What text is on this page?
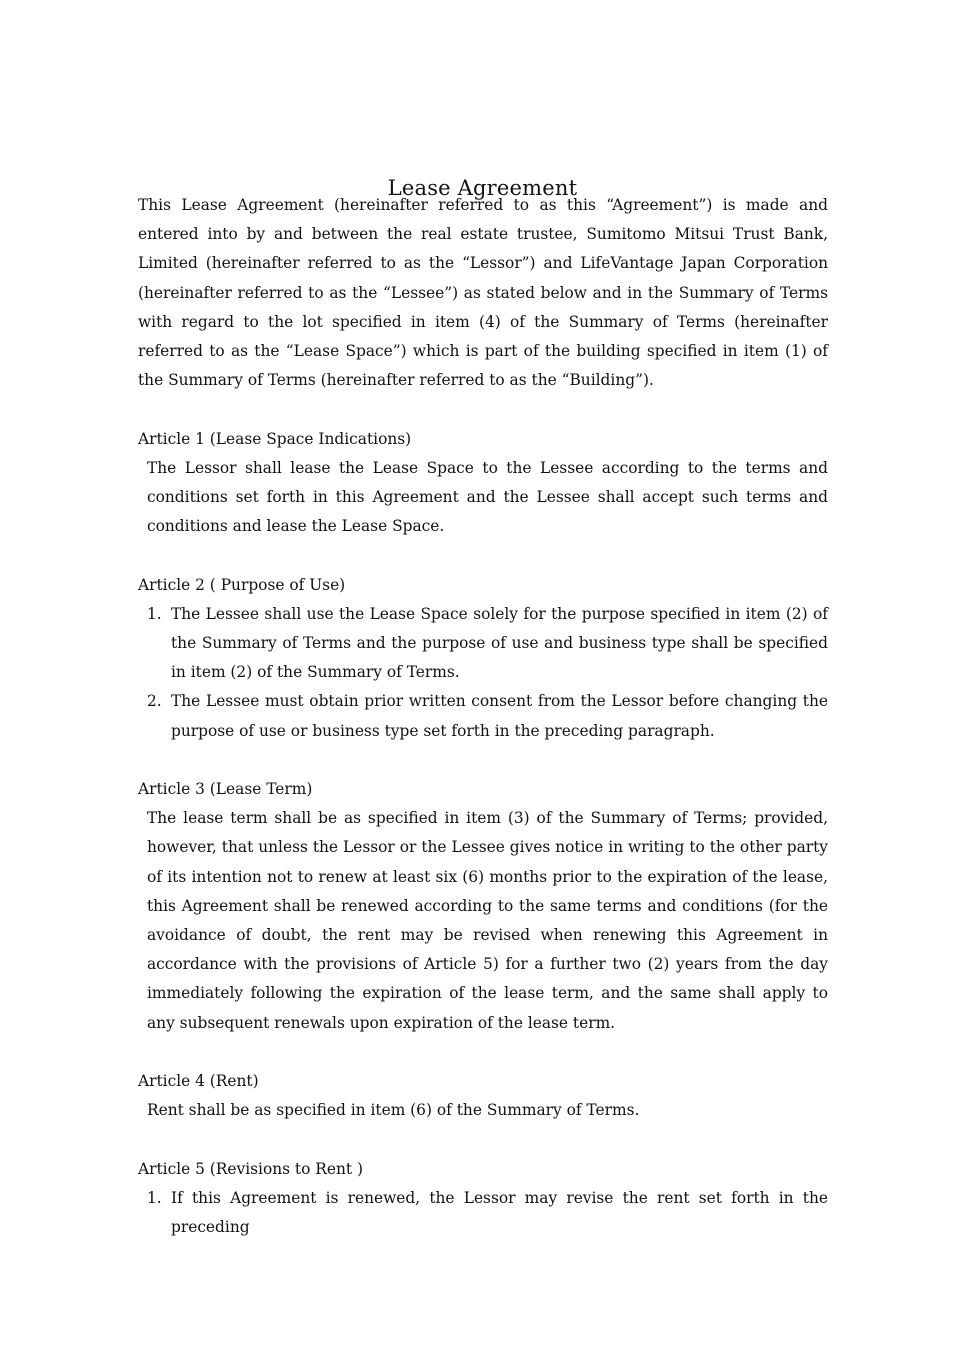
Lease Agreement

This Lease Agreement (hereinafter referred to as this “Agreement”) is made and entered into by and between the real estate trustee, Sumitomo Mitsui Trust Bank, Limited (hereinafter referred to as the “Lessor”) and LifeVantage Japan Corporation (hereinafter referred to as the “Lessee”) as stated below and in the Summary of Terms with regard to the lot specified in item (4) of the Summary of Terms (hereinafter referred to as the “Lease Space”) which is part of the building specified in item (1) of the Summary of Terms (hereinafter referred to as the “Building”).

Article 1 (Lease Space Indications)

The Lessor shall lease the Lease Space to the Lessee according to the terms and conditions set forth in this Agreement and the Lessee shall accept such terms and conditions and lease the Lease Space.

Article 2 ( Purpose of Use)

1. The Lessee shall use the Lease Space solely for the purpose specified in item (2) of the Summary of Terms and the purpose of use and business type shall be specified in item (2) of the Summary of Terms.
2. The Lessee must obtain prior written consent from the Lessor before changing the purpose of use or business type set forth in the preceding paragraph.

Article 3 (Lease Term)

The lease term shall be as specified in item (3) of the Summary of Terms; provided, however, that unless the Lessor or the Lessee gives notice in writing to the other party of its intention not to renew at least six (6) months prior to the expiration of the lease, this Agreement shall be renewed according to the same terms and conditions (for the avoidance of doubt, the rent may be revised when renewing this Agreement in accordance with the provisions of Article 5) for a further two (2) years from the day immediately following the expiration of the lease term, and the same shall apply to any subsequent renewals upon expiration of the lease term.

Article 4 (Rent)

Rent shall be as specified in item (6) of the Summary of Terms.

Article 5 (Revisions to Rent )

1. If this Agreement is renewed, the Lessor may revise the rent set forth in the preceding
